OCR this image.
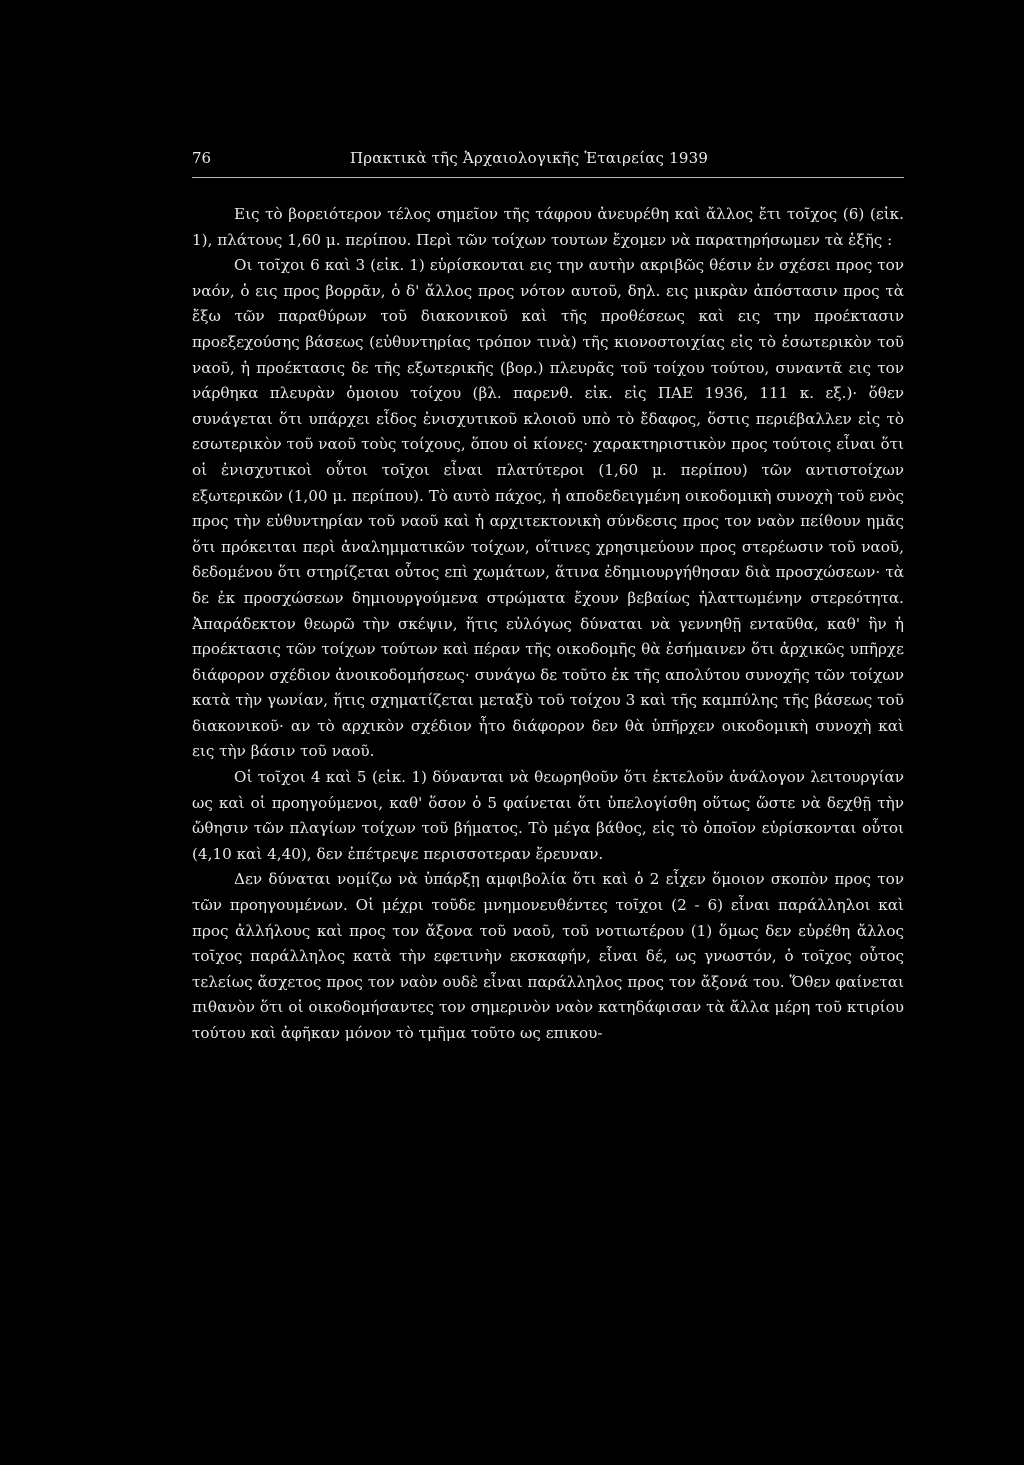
76	Πρακτικὰ τῆς Ἀρχαιολογικῆς Ἑταιρείας 1939

Εις τὸ βορειότερον τέλος σημεῖον τῆς τάφρου ἀνευρέθη καὶ ἄλλος ἔτι τοῖχος (6) (εἰκ. 1), πλάτους 1,60 μ. περίπου. Περὶ τῶν τοίχων τουτων ἔχομεν νὰ παρατηρήσωμεν τὰ ἑξῆς :

Οι τοῖχοι 6 καὶ 3 (εἰκ. 1) εὑρίσκονται εις την αυτὴν ακριβῶς θέσιν ἐν σχέσει προς τον ναόν, ὁ εις προς βορρᾶν, ὁ δ' ἄλλος προς νότον αυτοῦ, δηλ. εις μικρὰν ἀπόστασιν προς τὰ ἔξω τῶν παραθύρων τοῦ διακονικοῦ καὶ τῆς προθέσεως καὶ εις την προέκτασιν προεξεχούσης βάσεως (εὐθυντηρίας τρόπον τινὰ) τῆς κιονοστοιχίας εἰς τὸ ἐσωτερικὸν τοῦ ναοῦ, ἡ προέκτασις δε τῆς εξωτερικῆς (βορ.) πλευρᾶς τοῦ τοίχου τούτου, συναντᾶ εις τον νάρθηκα πλευρὰν ὁμοιου τοίχου (βλ. παρενθ. εἰκ. εἰς ΠΑΕ 1936, 111 κ. εξ.)· ὅθεν συνάγεται ὅτι υπάρχει εἶδος ἐνισχυτικοῦ κλοιοῦ υπὸ τὸ ἔδαφος, ὅστις περιέβαλλεν εἰς τὸ εσωτερικὸν τοῦ ναοῦ τοὺς τοίχους, ὅπου οἱ κίονες· χαρακτηριστικὸν προς τούτοις εἶναι ὅτι οἱ ἐνισχυτικοὶ οὗτοι τοῖχοι εἶναι πλατύτεροι (1,60 μ. περίπου) τῶν αντιστοίχων εξωτερικῶν (1,00 μ. περίπου). Τὸ αυτὸ πάχος, ἡ αποδεδειγμένη οικοδομικὴ συνοχὴ τοῦ ενὸς προς τὴν εὐθυντηρίαν τοῦ ναοῦ καὶ ἡ αρχιτεκτονικὴ σύνδεσις προς τον ναὸν πείθουν ημᾶς ὅτι πρόκειται περὶ ἀναλημματικῶν τοίχων, οἵτινες χρησιμεύουν προς στερέωσιν τοῦ ναοῦ, δεδομένου ὅτι στηρίζεται οὗτος επὶ χωμάτων, ἅτινα ἐδημιουργήθησαν διὰ προσχώσεων· τὰ δε ἐκ προσχώσεων δημιουργούμενα στρώματα ἔχουν βεβαίως ἠλαττωμένην στερεότητα. Ἀπαράδεκτον θεωρῶ τὴν σκέψιν, ἥτις εὐλόγως δύναται νὰ γεννηθῇ ενταῦθα, καθ' ἣν ἡ προέκτασις τῶν τοίχων τούτων καὶ πέραν τῆς οικοδομῆς θὰ ἐσήμαινεν ὅτι ἀρχικῶς υπῆρχε διάφορον σχέδιον ἀνοικοδομήσεως· συνάγω δε τοῦτο ἐκ τῆς απολύτου συνοχῆς τῶν τοίχων κατὰ τὴν γωνίαν, ἥτις σχηματίζεται μεταξὺ τοῦ τοίχου 3 καὶ τῆς καμπύλης τῆς βάσεως τοῦ διακονικοῦ· αν τὸ αρχικὸν σχέδιον ἦτο διάφορον δεν θὰ ὑπῆρχεν οικοδομικὴ συνοχὴ καὶ εις τὴν βάσιν τοῦ ναοῦ.

Οἱ τοῖχοι 4 καὶ 5 (εἰκ. 1) δύνανται νὰ θεωρηθοῦν ὅτι ἐκτελοῦν ἀνάλογον λειτουργίαν ως καὶ οἱ προηγούμενοι, καθ' ὅσον ὁ 5 φαίνεται ὅτι ὑπελογίσθη οὕτως ὥστε νὰ δεχθῇ τὴν ὤθησιν τῶν πλαγίων τοίχων τοῦ βήματος. Τὸ μέγα βάθος, εἰς τὸ ὁποῖον εὑρίσκονται οὗτοι (4,10 καὶ 4,40), δεν ἐπέτρεψε περισσοτεραν ἔρευναν.

Δεν δύναται νομίζω νὰ ὑπάρξῃ αμφιβολία ὅτι καὶ ὁ 2 εἶχεν ὅμοιον σκοπὸν προς τον τῶν προηγουμένων. Οἱ μέχρι τοῦδε μνημονευθέντες τοῖχοι (2 - 6) εἶναι παράλληλοι καὶ προς ἀλλήλους καὶ προς τον ἄξονα τοῦ ναοῦ, τοῦ νοτιωτέρου (1) ὅμως δεν εὑρέθη ἄλλος τοῖχος παράλληλος κατὰ τὴν εφετινὴν εκσκαφήν, εἶναι δέ, ως γνωστόν, ὁ τοῖχος οὗτος τελείως ἄσχετος προς τον ναὸν ουδὲ εἶναι παράλληλος προς τον ἄξονά του. Ὅθεν φαίνεται πιθανὸν ὅτι οἱ οικοδομήσαντες τον σημερινὸν ναὸν κατηδάφισαν τὰ ἄλλα μέρη τοῦ κτιρίου τούτου καὶ ἀφῆκαν μόνον τὸ τμῆμα τοῦτο ως επικου-
